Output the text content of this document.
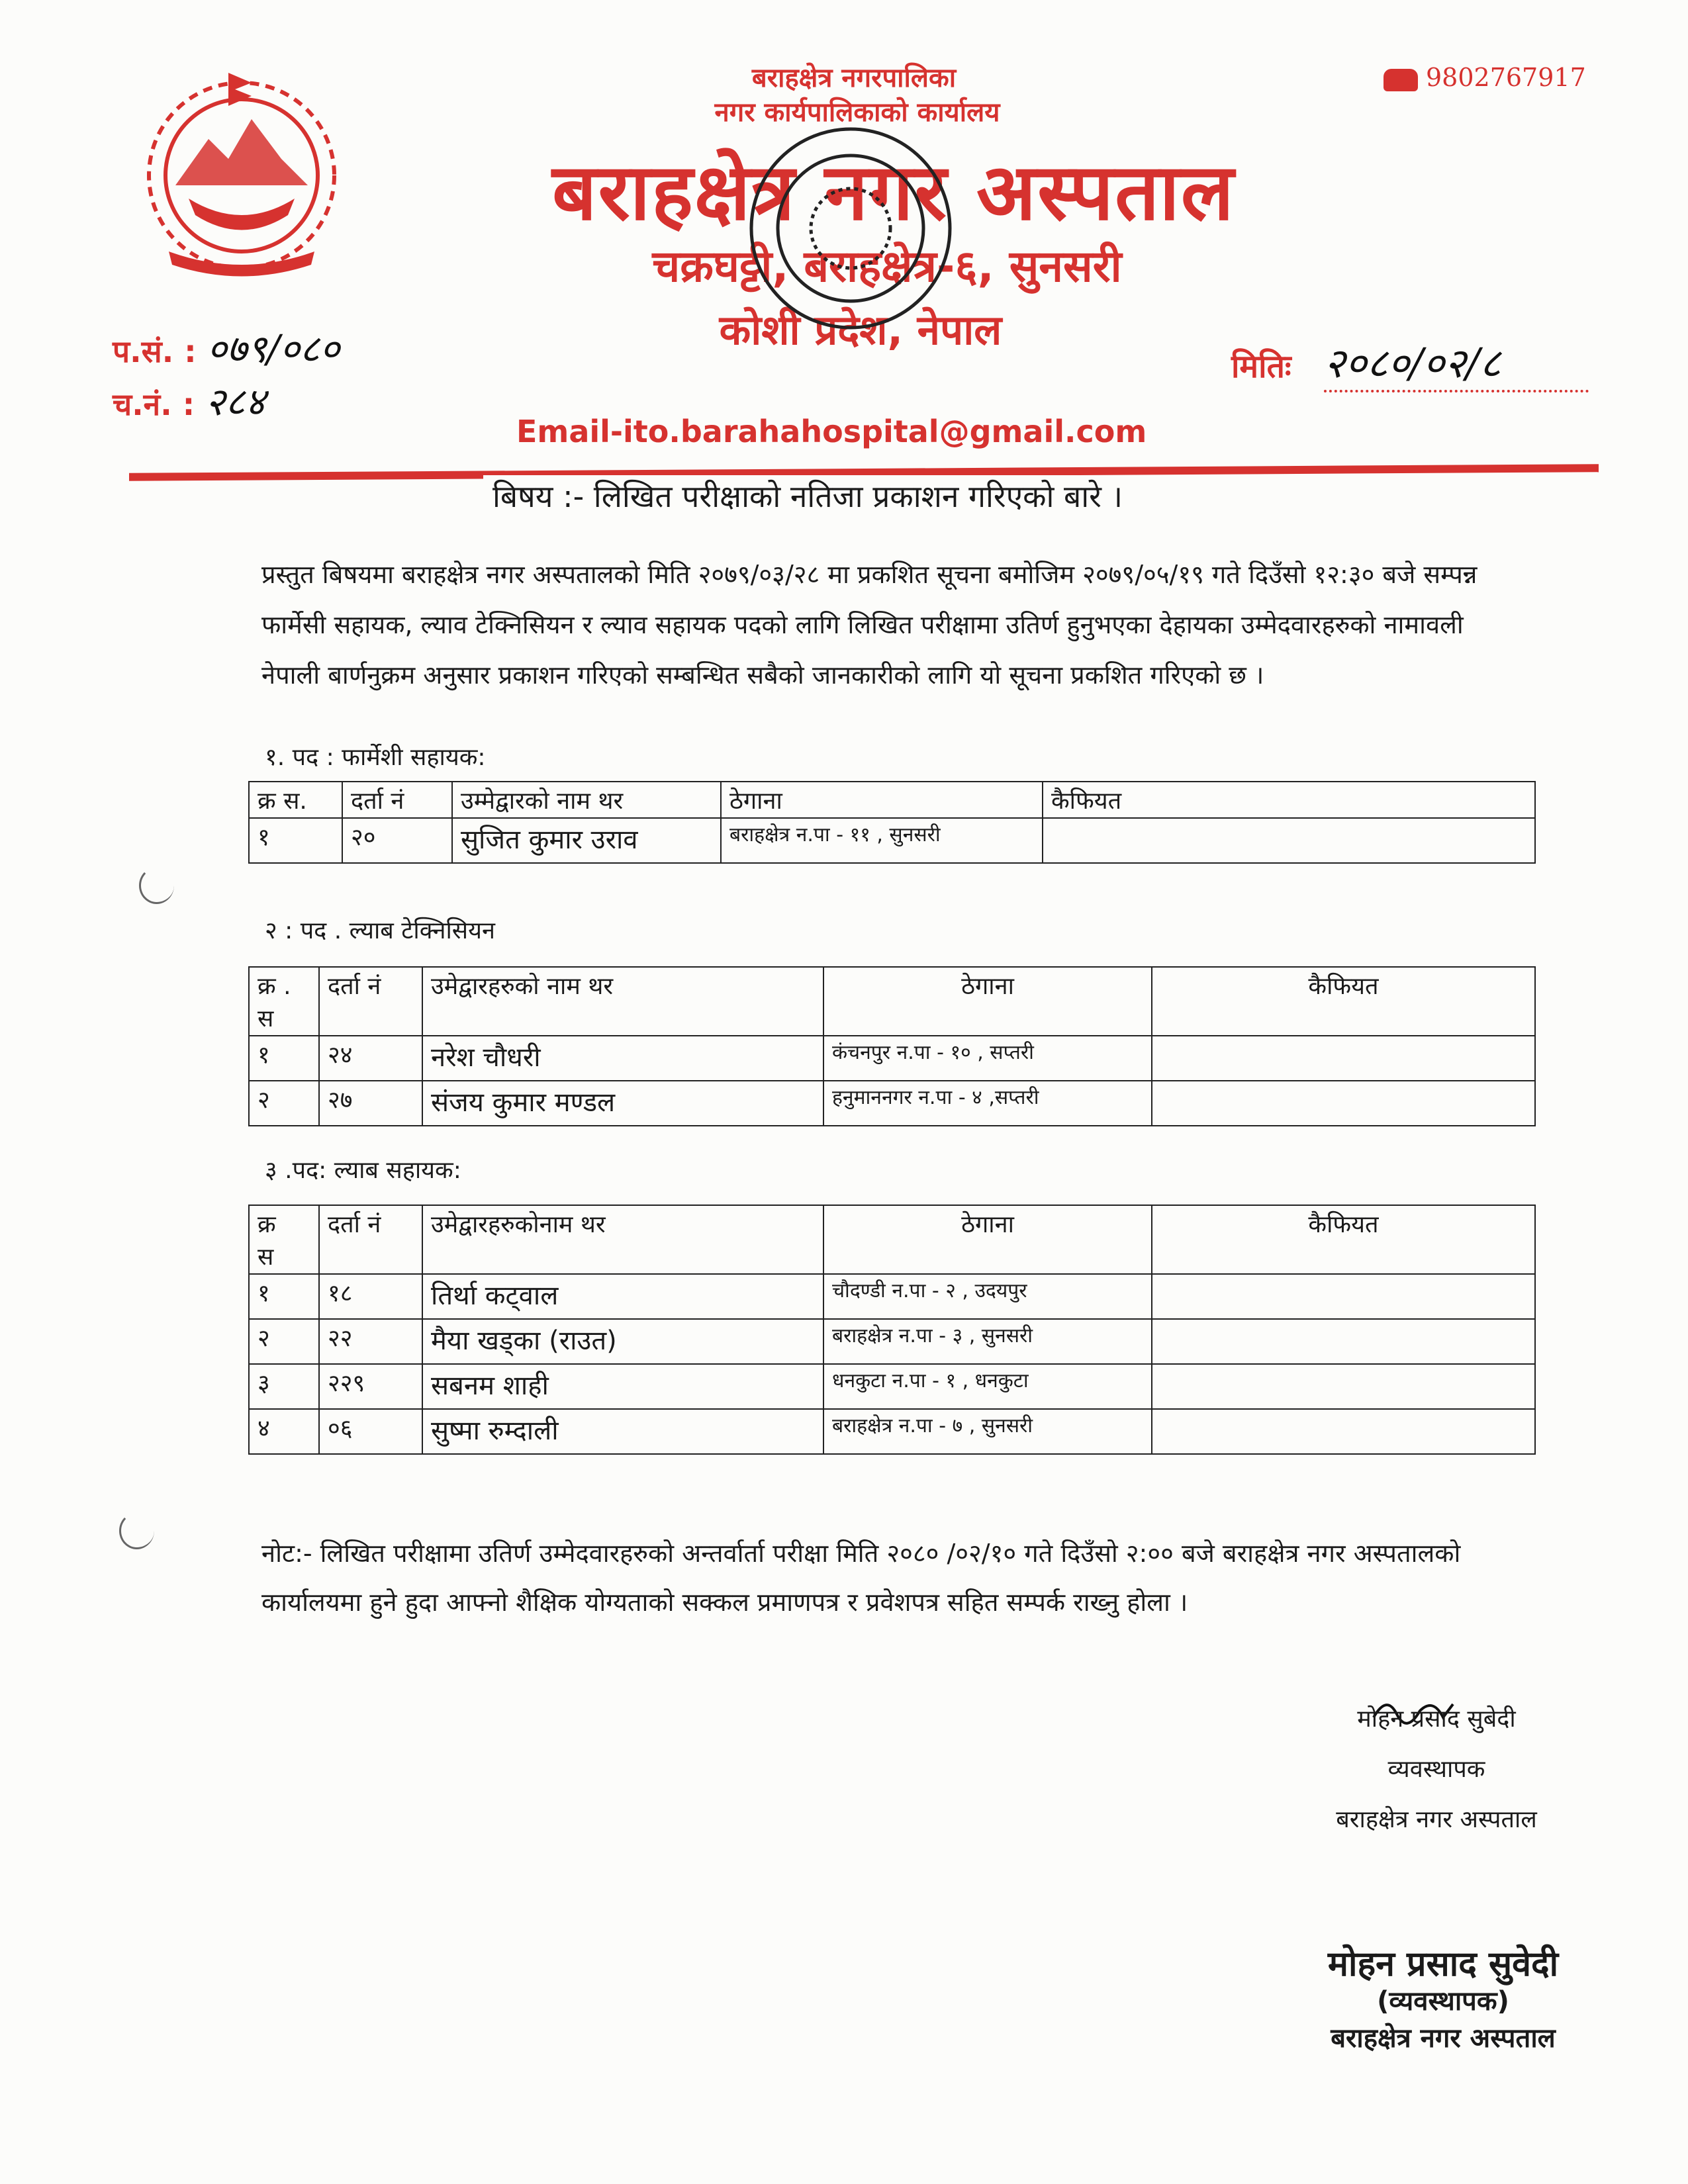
बराहक्षेत्र नगरपालिका
नगर कार्यपालिकाको कार्यालय
बराहक्षेत्र नगर अस्पताल
चक्रघट्टी, बराहक्षेत्र-६, सुनसरी
कोशी प्रदेश, नेपाल
9802767917
प.सं. : ०७९/०८०
च.नं. : २८४
मितिः २०८०/०२/८
Email-ito.barahahospital@gmail.com
बिषय :- लिखित परीक्षाको नतिजा प्रकाशन गरिएको बारे ।

प्रस्तुत बिषयमा बराहक्षेत्र नगर अस्पतालको मिति २०७९/०३/२८ मा प्रकशित सूचना बमोजिम २०७९/०५/१९ गते दिउँसो १२:३० बजे सम्पन्न

फार्मेसी सहायक, ल्याव टेक्निसियन र ल्याव सहायक पदको लागि लिखित परीक्षामा उतिर्ण हुनुभएका देहायका उम्मेदवारहरुको नामावली

नेपाली बार्णनुक्रम अनुसार प्रकाशन गरिएको सम्बन्धित सबैको जानकारीको लागि यो सूचना प्रकशित गरिएको छ ।

१. पद : फार्मेशी सहायक:
क्र स.	दर्ता नं	उम्मेद्वारको नाम थर	ठेगाना	कैफियत
१	२०	सुजित कुमार उराव	बराहक्षेत्र न.पा - ११ , सुनसरी	
२ : पद . ल्याब टेक्निसियन
क्र .
स	दर्ता नं	उमेद्वारहरुको नाम थर	ठेगाना	कैफियत
१	२४	नरेश चौधरी	कंचनपुर न.पा - १० , सप्तरी	
२	२७	संजय कुमार मण्डल	हनुमाननगर न.पा - ४ ,सप्तरी	
३ .पद: ल्याब सहायक:
क्र
स	दर्ता नं	उमेद्वारहरुकोनाम थर	ठेगाना	कैफियत
१	१८	तिर्था कट्वाल	चौदण्डी न.पा - २ , उदयपुर	
२	२२	मैया खड्का (राउत)	बराहक्षेत्र न.पा - ३ , सुनसरी	
३	२२९	सबनम शाही	धनकुटा न.पा - १ , धनकुटा	
४	०६	सुष्मा रुम्दाली	बराहक्षेत्र न.पा - ७ , सुनसरी	

नोट:- लिखित परीक्षामा उतिर्ण उम्मेदवारहरुको अन्तर्वार्ता परीक्षा मिति २०८० /०२/१० गते दिउँसो २:०० बजे बराहक्षेत्र नगर अस्पतालको

कार्यालयमा हुने हुदा आफ्नो शैक्षिक योग्यताको सक्कल प्रमाणपत्र र प्रवेशपत्र सहित सम्पर्क राख्नु होला ।

मोहन प्रसाद सुबेदी
व्यवस्थापक
बराहक्षेत्र नगर अस्पताल
मोहन प्रसाद सुवेदी
(व्यवस्थापक)
बराहक्षेत्र नगर अस्पताल
